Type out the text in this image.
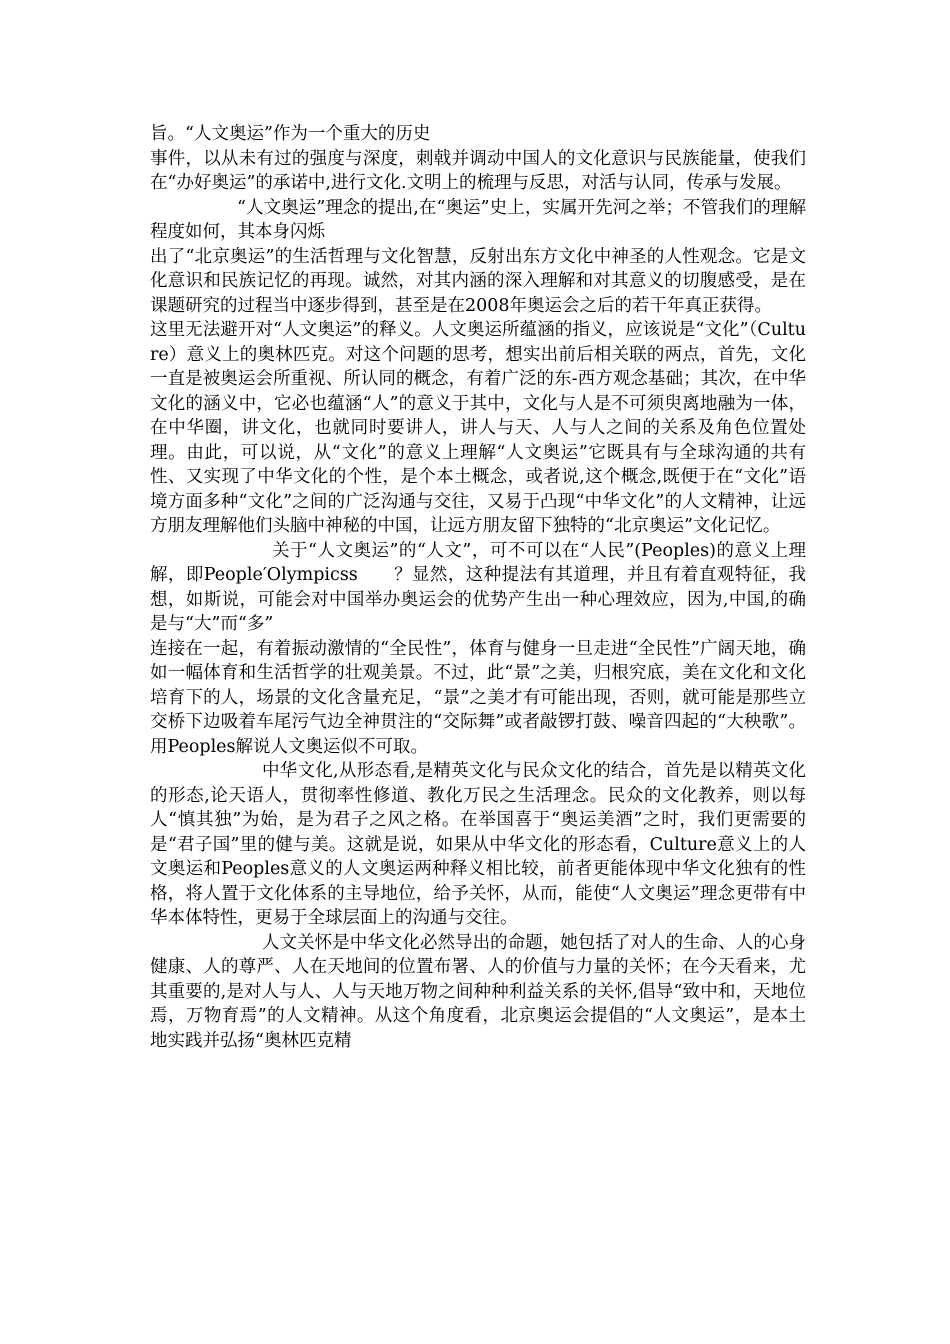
旨。“人文奥运”作为一个重大的历史

事件，以从未有过的强度与深度，刺戟并调动中国人的文化意识与民族能量，使我们在“办好奥运”的承诺中,进行文化.文明上的梳理与反思，对活与认同，传承与发展。

“人文奥运”理念的提出,在“奥运”史上，实属开先河之举；不管我们的理解程度如何，其本身闪烁

出了“北京奥运”的生活哲理与文化智慧，反射出东方文化中神圣的人性观念。它是文化意识和民族记忆的再现。诚然，对其内涵的深入理解和对其意义的切腹感受，是在课题研究的过程当中逐步得到，甚至是在2008年奥运会之后的若干年真正获得。

这里无法避开对“人文奥运”的释义。人文奥运所蕴涵的指义，应该说是“文化”（Culture）意义上的奥林匹克。对这个问题的思考，想实出前后相关联的两点，首先，文化一直是被奥运会所重视、所认同的概念，有着广泛的东-西方观念基础；其次，在中华文化的涵义中，它必也蕴涵“人”的意义于其中，文化与人是不可须臾离地融为一体，在中华圈，讲文化，也就同时要讲人，讲人与天、人与人之间的关系及角色位置处理。由此，可以说，从“文化”的意义上理解“人文奥运”它既具有与全球沟通的共有性、又实现了中华文化的个性，是个本土概念，或者说,这个概念,既便于在“文化”语境方面多种“文化”之间的广泛沟通与交往，又易于凸现“中华文化”的人文精神，让远方朋友理解他们头脑中神秘的中国，让远方朋友留下独特的“北京奥运”文化记忆。

关于“人文奥运”的“人文”，可不可以在“人民”(Peoples)的意义上理解，即People′Olympicss　　？显然，这种提法有其道理，并且有着直观特征，我想，如斯说，可能会对中国举办奥运会的优势产生出一种心理效应，因为,中国,的确是与“大”而“多”

连接在一起，有着振动激情的“全民性”，体育与健身一旦走进“全民性”广阔天地，确如一幅体育和生活哲学的壮观美景。不过，此“景”之美，归根究底，美在文化和文化培育下的人，场景的文化含量充足，“景”之美才有可能出现，否则，就可能是那些立交桥下边吸着车尾污气边全神贯注的“交际舞”或者敲锣打鼓、噪音四起的“大秧歌”。用Peoples解说人文奥运似不可取。

中华文化,从形态看,是精英文化与民众文化的结合，首先是以精英文化的形态,论天语人，贯彻率性修道、教化万民之生活理念。民众的文化教养，则以每人“慎其独”为始，是为君子之风之格。在举国喜于“奥运美酒”之时，我们更需要的是“君子国”里的健与美。这就是说，如果从中华文化的形态看，Culture意义上的人文奥运和Peoples意义的人文奥运两种释义相比较，前者更能体现中华文化独有的性格，将人置于文化体系的主导地位，给予关怀，从而，能使“人文奥运”理念更带有中华本体特性，更易于全球层面上的沟通与交往。

人文关怀是中华文化必然导出的命题，她包括了对人的生命、人的心身健康、人的尊严、人在天地间的位置布署、人的价值与力量的关怀；在今天看来，尤其重要的,是对人与人、人与天地万物之间种种利益关系的关怀,倡导“致中和，天地位焉，万物育焉”的人文精神。从这个角度看，北京奥运会提倡的“人文奥运”，是本土地实践并弘扬“奥林匹克精
